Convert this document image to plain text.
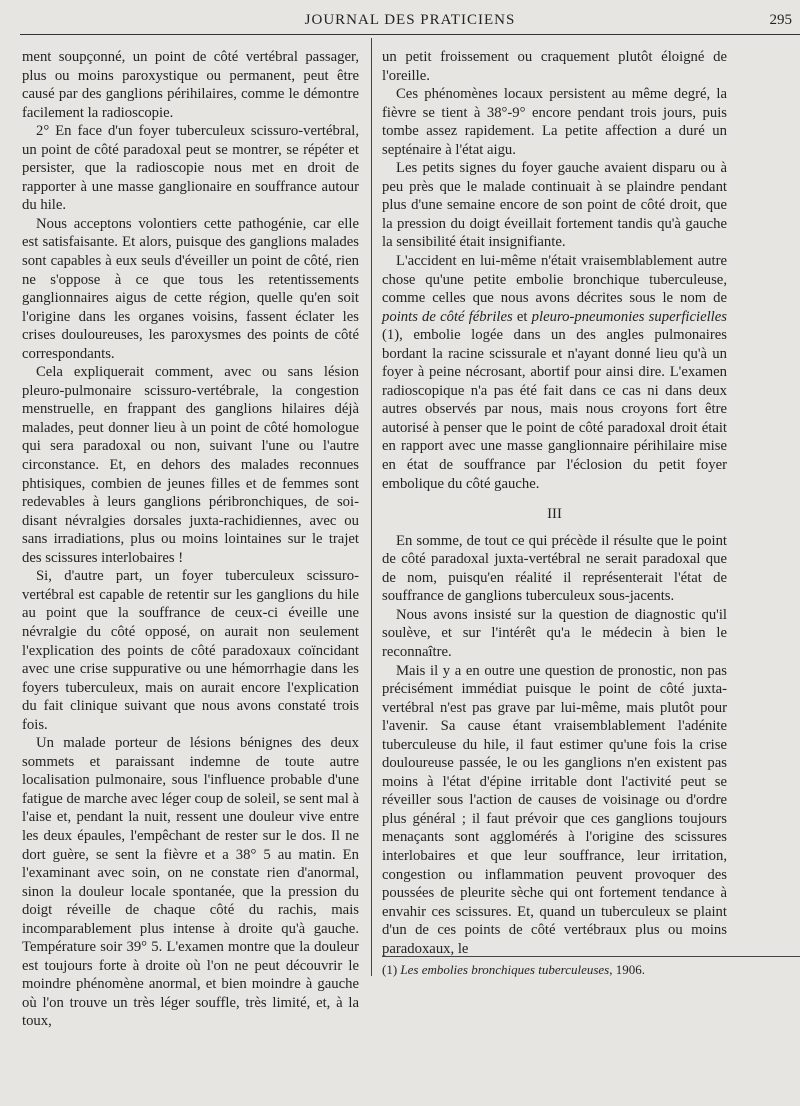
JOURNAL DES PRATICIENS	295

ment soupçonné, un point de côté vertébral passager, plus ou moins paroxystique ou permanent, peut être causé par des ganglions périhilaires, comme le démontre facilement la radioscopie.

2° En face d'un foyer tuberculeux scissuro-vertébral, un point de côté paradoxal peut se montrer, se répéter et persister, que la radioscopie nous met en droit de rapporter à une masse ganglionaire en souffrance autour du hile.

Nous acceptons volontiers cette pathogénie, car elle est satisfaisante. Et alors, puisque des ganglions malades sont capables à eux seuls d'éveiller un point de côté, rien ne s'oppose à ce que tous les retentissements ganglionnaires aigus de cette région, quelle qu'en soit l'origine dans les organes voisins, fassent éclater les crises douloureuses, les paroxysmes des points de côté correspondants.

Cela expliquerait comment, avec ou sans lésion pleuro-pulmonaire scissuro-vertébrale, la congestion menstruelle, en frappant des ganglions hilaires déjà malades, peut donner lieu à un point de côté homologue qui sera paradoxal ou non, suivant l'une ou l'autre circonstance. Et, en dehors des malades reconnues phtisiques, combien de jeunes filles et de femmes sont redevables à leurs ganglions péribronchiques, de soi-disant névralgies dorsales juxta-rachidiennes, avec ou sans irradiations, plus ou moins lointaines sur le trajet des scissures interlobaires !

Si, d'autre part, un foyer tuberculeux scissuro-vertébral est capable de retentir sur les ganglions du hile au point que la souffrance de ceux-ci éveille une névralgie du côté opposé, on aurait non seulement l'explication des points de côté paradoxaux coïncidant avec une crise suppurative ou une hémorrhagie dans les foyers tuberculeux, mais on aurait encore l'explication du fait clinique suivant que nous avons constaté trois fois.

Un malade porteur de lésions bénignes des deux sommets et paraissant indemne de toute autre localisation pulmonaire, sous l'influence probable d'une fatigue de marche avec léger coup de soleil, se sent mal à l'aise et, pendant la nuit, ressent une douleur vive entre les deux épaules, l'empêchant de rester sur le dos. Il ne dort guère, se sent la fièvre et a 38° 5 au matin. En l'examinant avec soin, on ne constate rien d'anormal, sinon la douleur locale spontanée, que la pression du doigt réveille de chaque côté du rachis, mais incomparablement plus intense à droite qu'à gauche. Température soir 39° 5. L'examen montre que la douleur est toujours forte à droite où l'on ne peut découvrir le moindre phénomène anormal, et bien moindre à gauche où l'on trouve un très léger souffle, très limité, et, à la toux,

un petit froissement ou craquement plutôt éloigné de l'oreille.

Ces phénomènes locaux persistent au même degré, la fièvre se tient à 38°-9° encore pendant trois jours, puis tombe assez rapidement. La petite affection a duré un septénaire à l'état aigu.

Les petits signes du foyer gauche avaient disparu ou à peu près que le malade continuait à se plaindre pendant plus d'une semaine encore de son point de côté droit, que la pression du doigt éveillait fortement tandis qu'à gauche la sensibilité était insignifiante.

L'accident en lui-même n'était vraisemblablement autre chose qu'une petite embolie bronchique tuberculeuse, comme celles que nous avons décrites sous le nom de points de côté fébriles et pleuro-pneumonies superficielles (1), embolie logée dans un des angles pulmonaires bordant la racine scissurale et n'ayant donné lieu qu'à un foyer à peine nécrosant, abortif pour ainsi dire. L'examen radioscopique n'a pas été fait dans ce cas ni dans deux autres observés par nous, mais nous croyons fort être autorisé à penser que le point de côté paradoxal droit était en rapport avec une masse ganglionnaire périhilaire mise en état de souffrance par l'éclosion du petit foyer embolique du côté gauche.

III

En somme, de tout ce qui précède il résulte que le point de côté paradoxal juxta-vertébral ne serait paradoxal que de nom, puisqu'en réalité il représenterait l'état de souffrance de ganglions tuberculeux sous-jacents.

Nous avons insisté sur la question de diagnostic qu'il soulève, et sur l'intérêt qu'a le médecin à bien le reconnaître.

Mais il y a en outre une question de pronostic, non pas précisément immédiat puisque le point de côté juxta-vertébral n'est pas grave par lui-même, mais plutôt pour l'avenir. Sa cause étant vraisemblablement l'adénite tuberculeuse du hile, il faut estimer qu'une fois la crise douloureuse passée, le ou les ganglions n'en existent pas moins à l'état d'épine irritable dont l'activité peut se réveiller sous l'action de causes de voisinage ou d'ordre plus général ; il faut prévoir que ces ganglions toujours menaçants sont agglomérés à l'origine des scissures interlobaires et que leur souffrance, leur irritation, congestion ou inflammation peuvent provoquer des poussées de pleurite sèche qui ont fortement tendance à envahir ces scissures. Et, quand un tuberculeux se plaint d'un de ces points de côté vertébraux plus ou moins paradoxaux, le

(1) Les embolies bronchiques tuberculeuses, 1906.
